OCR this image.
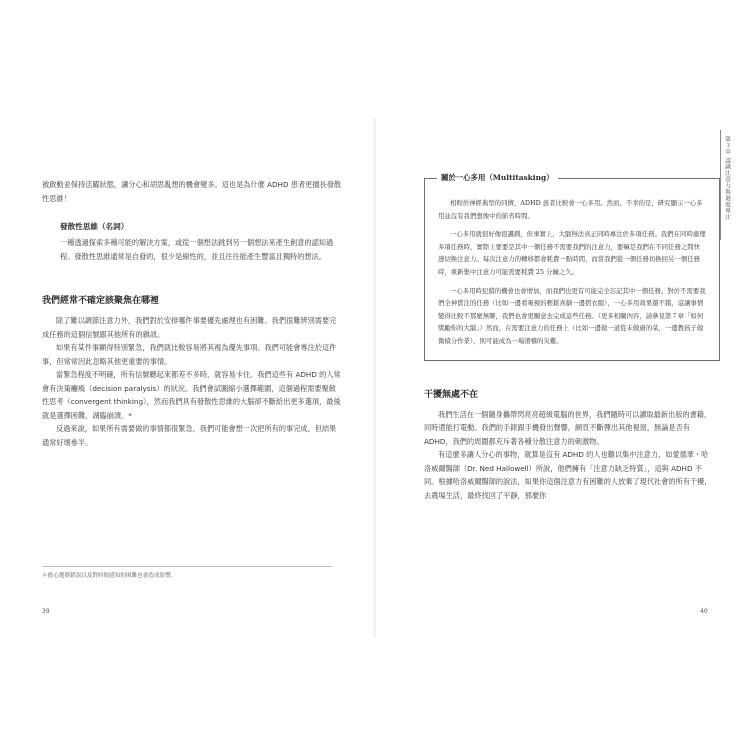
被啟動並保持活躍狀態，讓分心和胡思亂想的機會變多。這也是為什麼 ADHD 患者更擅長發散性思維！

發散性思維（名詞）

一種透過探索多種可能的解決方案，或從一個想法跳到另一個想法來產生創意的認知過程。發散性思維通常是自發的，很少是線性的，並且往往能產生豐富且獨特的想法。

我們經常不確定該聚焦在哪裡

除了難以調節注意力外，我們對於安排哪件事要優先處理也有困難。我們很難辨別需要完成任務的這個信號跟其他所有的雜訊。

如果有某件事顯得特別緊急，我們就比較容易將其視為優先事項。我們可能會專注於這件事，但常常因此忽略其他更重要的事情。

當緊急程度不明確，所有信號聽起來都差不多時，就容易卡住。我們這些有 ADHD 的人常會有決策癱瘓（decision paralysis）的狀況。我們會試圖縮小選擇範圍，這個過程需要聚斂性思考（convergent thinking），然而我們具有發散性思維的大腦卻不斷給出更多選項，最後就是選擇困難，湖臨崩潰。*

反過來說，如果所有需要做的事情都很緊急，我們可能會想一次把所有的事完成，但結果通常好壞參半。

＊擔心選擇錯誤以及對時間感知的困難也會造成影響。
39
第３章 認識注意力與過度專注
關於一心多用（Multitasking）

相較於神經典型的同儕，ADHD 患者比較會一心多用。然而，不幸的是，研究顯示一心多用並沒有我們想像中的節省時間。

一心多用就很好像很諷刺，但事實上，大腦無法真正同時專注於多項任務。我們在同時處理多項任務時，實際上要要是其中一個任務不需要我們的注意力，要嘛是我們在不同任務之間快速切換注意力。每次注意力的轉移都會耗費一點時間，而當我們從一個任務切換回另一個任務時，重新集中注意力可能需要耗費 25 分鐘之久。

一心多用時犯錯的機會也會增加，而我們也更有可能完全忘記其中一個任務。對於不需要我們全神貫注的任務（比如一邊看電視的輕鬆喜劇一邊摺衣服），一心多用效果還不錯，這讓事情變得比較不那麼無聊，我們也會更願意去完成這些任務。（更多相關內容，請參見第７章「如何獎勵你的大腦」）然而，在需要注意力的任務上（比如一邊做一道從未做過的菜，一邊教孩子做微積分作業），則可能成為一場滑稽的災難。

干擾無處不在

我們生活在一個隨身攜帶閃亮亮超級電腦的世界，我們隨時可以讀取最新出版的書籍，同時還能打電動。我們的手錶跟手機發出聲響，網頁不斷彈出其他視窗，無論是否有 ADHD，我們的周圍都充斥著各種分散注意力的刺激物。

有這麼多讓人分心的事物，就算是沒有 ADHD 的人也難以集中注意力，如愛德華・哈洛威爾醫師（Dr. Ned Hallowell）所說，他們擁有「注意力缺乏特質」，這與 ADHD 不同。根據哈洛威爾醫師的說法，如果你這個注意力有困難的人放棄了現代社會的所有干擾，去農場生活，最終找回了平靜，那麼你

40
